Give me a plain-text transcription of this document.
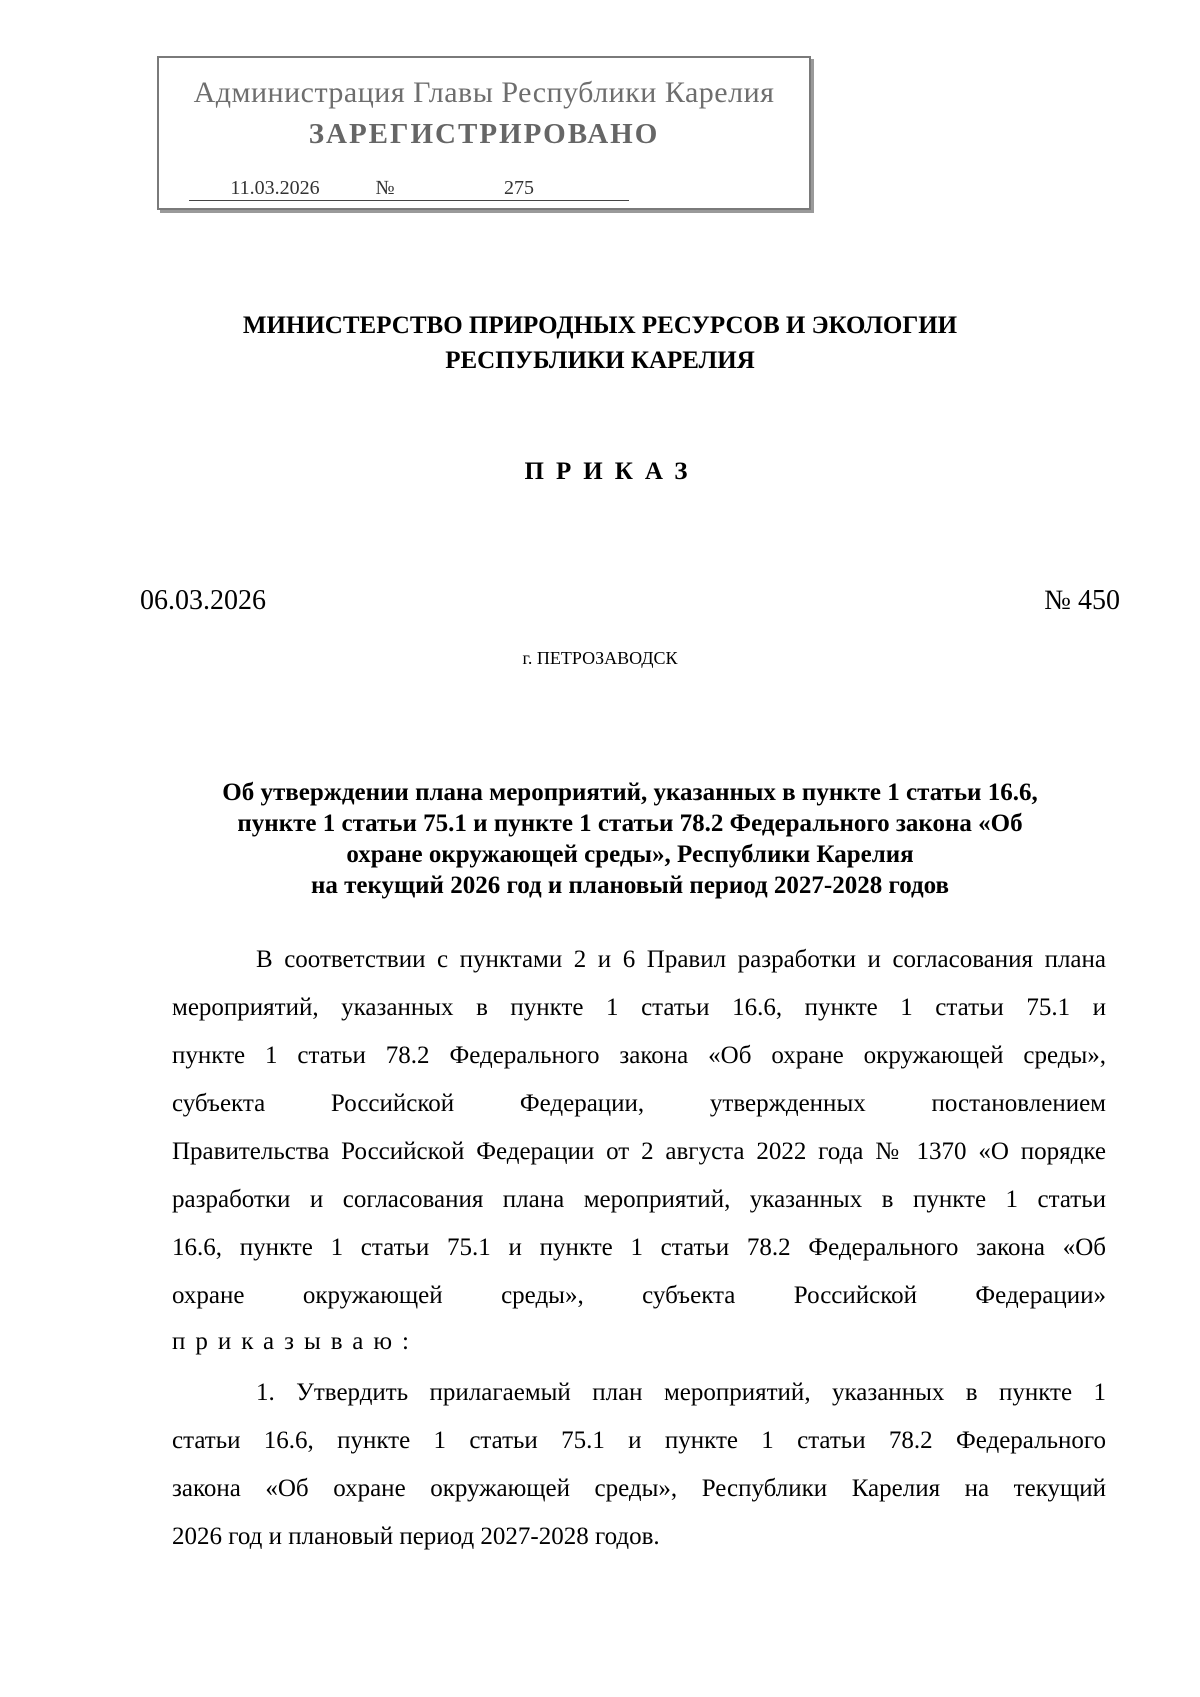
Администрация Главы Республики Карелия
ЗАРЕГИСТРИРОВАНО
11.03.2026	№	275
МИНИСТЕРСТВО ПРИРОДНЫХ РЕСУРСОВ И ЭКОЛОГИИ
РЕСПУБЛИКИ КАРЕЛИЯ
ПРИКАЗ
06.03.2026	№ 450
г. ПЕТРОЗАВОДСК
Об утверждении плана мероприятий, указанных в пункте 1 статьи 16.6,
пункте 1 статьи 75.1 и пункте 1 статьи 78.2 Федерального закона «Об
охране окружающей среды», Республики Карелия
на текущий 2026 год и плановый период 2027-2028 годов
В соответствии с пунктами 2 и 6 Правил разработки и согласования плана
мероприятий, указанных в пункте 1 статьи 16.6, пункте 1 статьи 75.1 и
пункте 1 статьи 78.2 Федерального закона «Об охране окружающей среды»,
субъекта Российской Федерации, утвержденных постановлением
Правительства Российской Федерации от 2 августа 2022 года № 1370 «О порядке
разработки и согласования плана мероприятий, указанных в пункте 1 статьи
16.6, пункте 1 статьи 75.1 и пункте 1 статьи 78.2 Федерального закона «Об
охране окружающей среды», субъекта Российской Федерации»
приказываю:
1. Утвердить прилагаемый план мероприятий, указанных в пункте 1
статьи 16.6, пункте 1 статьи 75.1 и пункте 1 статьи 78.2 Федерального
закона «Об охране окружающей среды», Республики Карелия на текущий
2026 год и плановый период 2027-2028 годов.
